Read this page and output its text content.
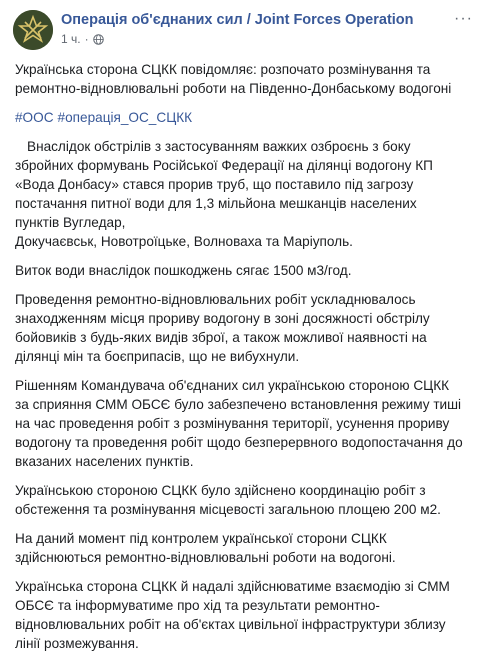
Операція об'єднаних сил / Joint Forces Operation
1 ч. ·
···

Українська сторона СЦКК повідомляє: розпочато розмінування та ремонтно-відновлювальні роботи на Південно-Донбаському водогоні

#ООС #операція_ОС_СЦКК

Внаслідок обстрілів з застосуванням важких озброєнь з боку збройних формувань Російської Федерації на ділянці водогону КП «Вода Донбасу» стався прорив труб, що поставило під загрозу постачання питної води для 1,3 мільйона мешканців населених пунктів Вугледар,
Докучаєвськ, Новотроїцьке, Волноваха та Маріуполь.

Виток води внаслідок пошкоджень сягає 1500 м3/год.

Проведення ремонтно-відновлювальних робіт ускладнювалось знаходженням місця прориву водогону в зоні досяжності обстрілу бойовиків з будь-яких видів зброї, а також можливої наявності на ділянці мін та боєприпасів, що не вибухнули.

Рішенням Командувача об'єднаних сил українською стороною СЦКК за сприяння СММ ОБСЄ було забезпечено встановлення режиму тиші на час проведення робіт з розмінування території, усунення прориву водогону та проведення робіт щодо безперервного водопостачання до вказаних населених пунктів.

Українською стороною СЦКК було здійснено координацію робіт з обстеження та розмінування місцевості загальною площею 200 м2.

На даний момент під контролем української сторони СЦКК здійснюються ремонтно-відновлювальні роботи на водогоні.

Українська сторона СЦКК й надалі здійснюватиме взаємодію зі СММ ОБСЄ та інформуватиме про хід та результати ремонтно-відновлювальних робіт на об'єктах цивільної інфраструктури зблизу лінії розмежування.
